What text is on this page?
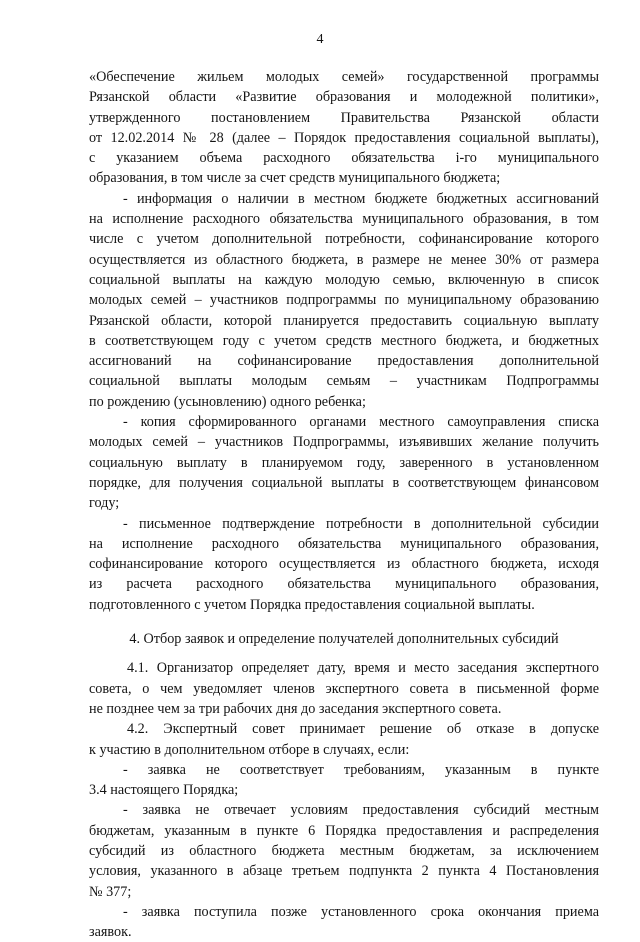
4
«Обеспечение жильем молодых семей» государственной программы
Рязанской области «Развитие образования и молодежной политики»,
утвержденного постановлением Правительства Рязанской области
от 12.02.2014 № 28 (далее – Порядок предоставления социальной выплаты),
с указанием объема расходного обязательства i-го муниципального
образования, в том числе за счет средств муниципального бюджета;
- информация о наличии в местном бюджете бюджетных ассигнований
на исполнение расходного обязательства муниципального образования, в том
числе с учетом дополнительной потребности, софинансирование которого
осуществляется из областного бюджета, в размере не менее 30% от размера
социальной выплаты на каждую молодую семью, включенную в список
молодых семей – участников подпрограммы по муниципальному образованию
Рязанской области, которой планируется предоставить социальную выплату
в соответствующем году с учетом средств местного бюджета, и бюджетных
ассигнований на софинансирование предоставления дополнительной
социальной выплаты молодым семьям – участникам Подпрограммы
по рождению (усыновлению) одного ребенка;
- копия сформированного органами местного самоуправления списка
молодых семей – участников Подпрограммы, изъявивших желание получить
социальную выплату в планируемом году, заверенного в установленном
порядке, для получения социальной выплаты в соответствующем финансовом
году;
- письменное подтверждение потребности в дополнительной субсидии
на исполнение расходного обязательства муниципального образования,
софинансирование которого осуществляется из областного бюджета, исходя
из расчета расходного обязательства муниципального образования,
подготовленного с учетом Порядка предоставления социальной выплаты.
4. Отбор заявок и определение получателей дополнительных субсидий
4.1. Организатор определяет дату, время и место заседания экспертного
совета, о чем уведомляет членов экспертного совета в письменной форме
не позднее чем за три рабочих дня до заседания экспертного совета.
4.2. Экспертный совет принимает решение об отказе в допуске
к участию в дополнительном отборе в случаях, если:
- заявка не соответствует требованиям, указанным в пункте
3.4 настоящего Порядка;
- заявка не отвечает условиям предоставления субсидий местным
бюджетам, указанным в пункте 6 Порядка предоставления и распределения
субсидий из областного бюджета местным бюджетам, за исключением
условия, указанного в абзаце третьем подпункта 2 пункта 4 Постановления
№ 377;
- заявка поступила позже установленного срока окончания приема
заявок.
